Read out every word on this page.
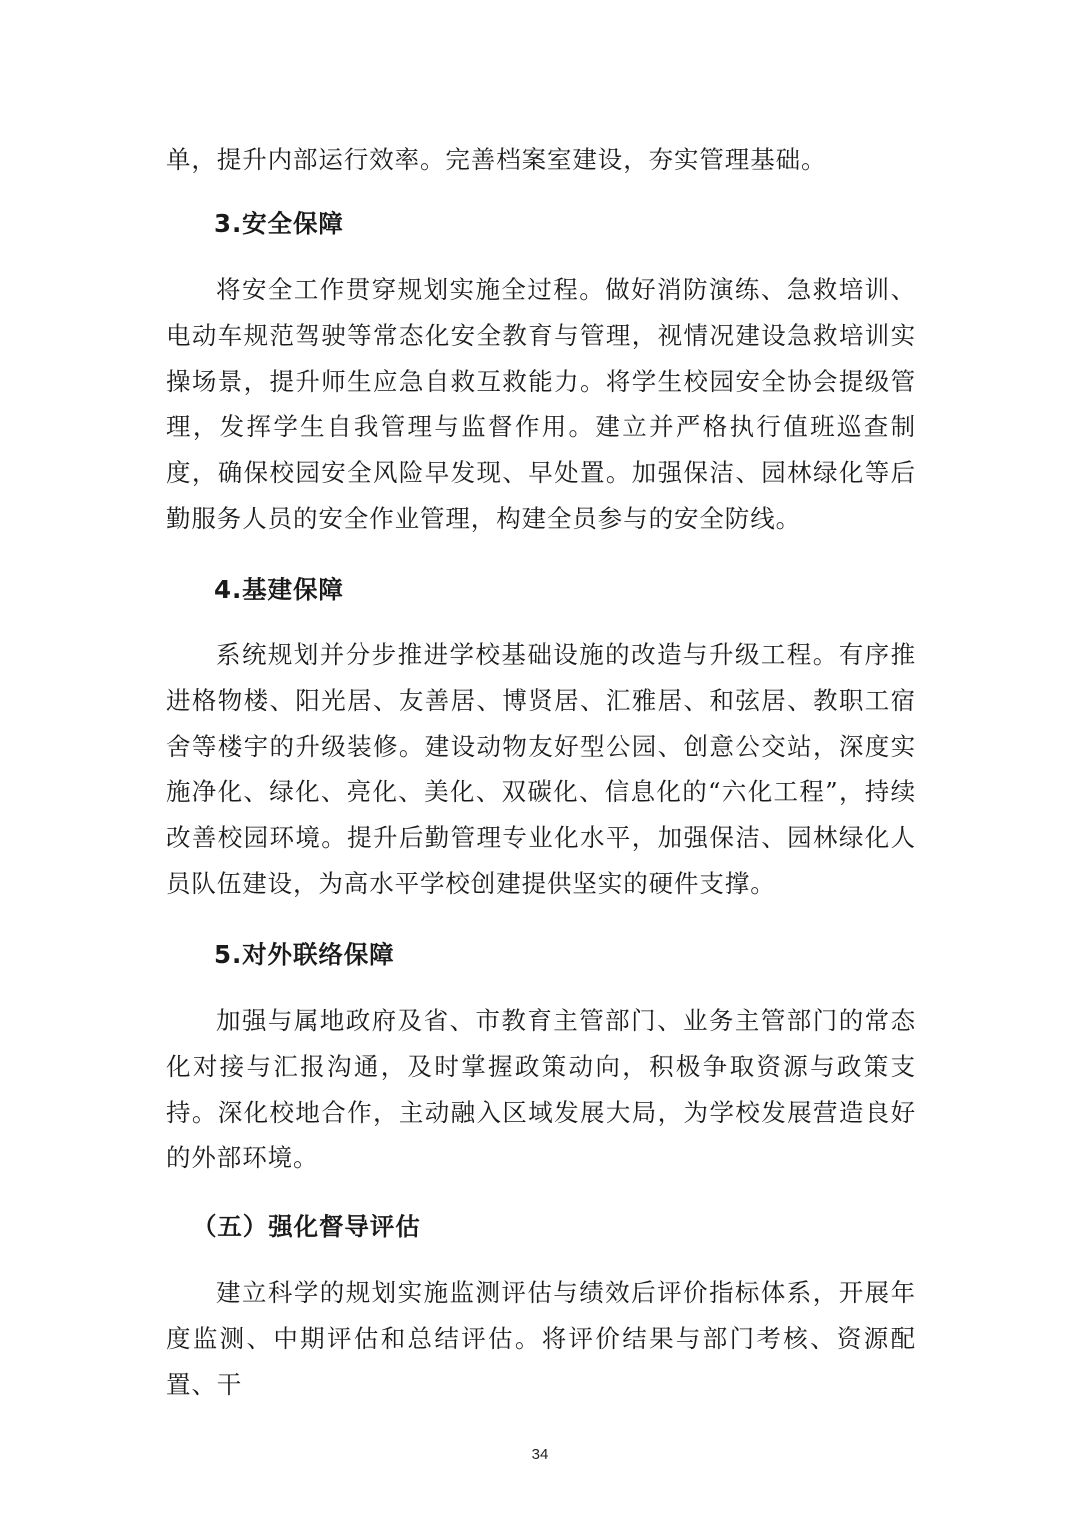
单，提升内部运行效率。完善档案室建设，夯实管理基础。

3.安全保障

将安全工作贯穿规划实施全过程。做好消防演练、急救培训、电动车规范驾驶等常态化安全教育与管理，视情况建设急救培训实操场景，提升师生应急自救互救能力。将学生校园安全协会提级管理，发挥学生自我管理与监督作用。建立并严格执行值班巡查制度，确保校园安全风险早发现、早处置。加强保洁、园林绿化等后勤服务人员的安全作业管理，构建全员参与的安全防线。

4.基建保障

系统规划并分步推进学校基础设施的改造与升级工程。有序推进格物楼、阳光居、友善居、博贤居、汇雅居、和弦居、教职工宿舍等楼宇的升级装修。建设动物友好型公园、创意公交站，深度实施净化、绿化、亮化、美化、双碳化、信息化的“六化工程”，持续改善校园环境。提升后勤管理专业化水平，加强保洁、园林绿化人员队伍建设，为高水平学校创建提供坚实的硬件支撑。

5.对外联络保障

加强与属地政府及省、市教育主管部门、业务主管部门的常态化对接与汇报沟通，及时掌握政策动向，积极争取资源与政策支持。深化校地合作，主动融入区域发展大局，为学校发展营造良好的外部环境。

（五）强化督导评估

建立科学的规划实施监测评估与绩效后评价指标体系，开展年度监测、中期评估和总结评估。将评价结果与部门考核、资源配置、干

34
